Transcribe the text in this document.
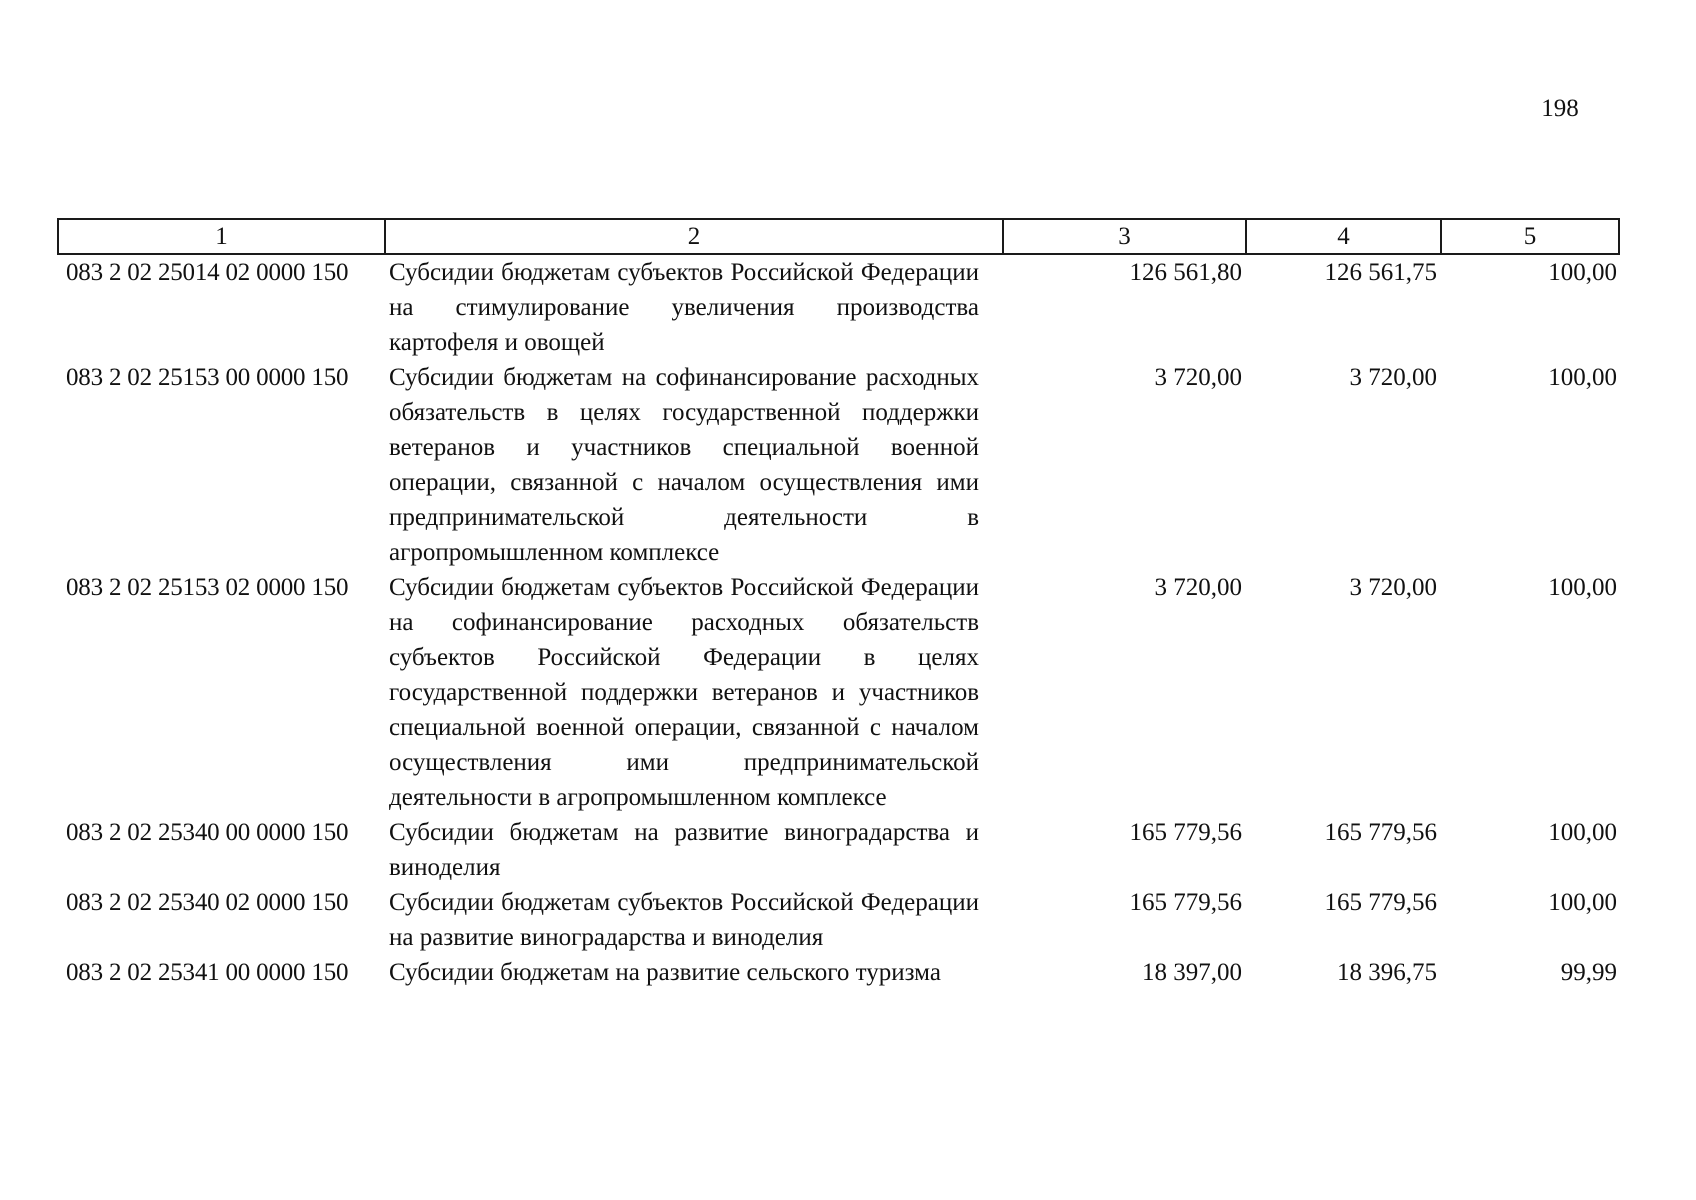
198
1	2	3	4	5
083 2 02 25014 02 0000 150	Субсидии бюджетам субъектов Российской Федерации на стимулирование увеличения производства картофеля и овощей	126 561,80	126 561,75	100,00
083 2 02 25153 00 0000 150	Субсидии бюджетам на софинансирование расходных обязательств в целях государственной поддержки ветеранов и участников специальной военной операции, связанной с началом осуществления ими предпринимательской деятельности в агропромышленном комплексе	3 720,00	3 720,00	100,00
083 2 02 25153 02 0000 150	Субсидии бюджетам субъектов Российской Федерации на софинансирование расходных обязательств субъектов Российской Федерации в целях государственной поддержки ветеранов и участников специальной военной операции, связанной с началом осуществления ими предпринимательской деятельности в агропромышленном комплексе	3 720,00	3 720,00	100,00
083 2 02 25340 00 0000 150	Субсидии бюджетам на развитие виноградарства и виноделия	165 779,56	165 779,56	100,00
083 2 02 25340 02 0000 150	Субсидии бюджетам субъектов Российской Федерации на развитие виноградарства и виноделия	165 779,56	165 779,56	100,00
083 2 02 25341 00 0000 150	Субсидии бюджетам на развитие сельского туризма	18 397,00	18 396,75	99,99
